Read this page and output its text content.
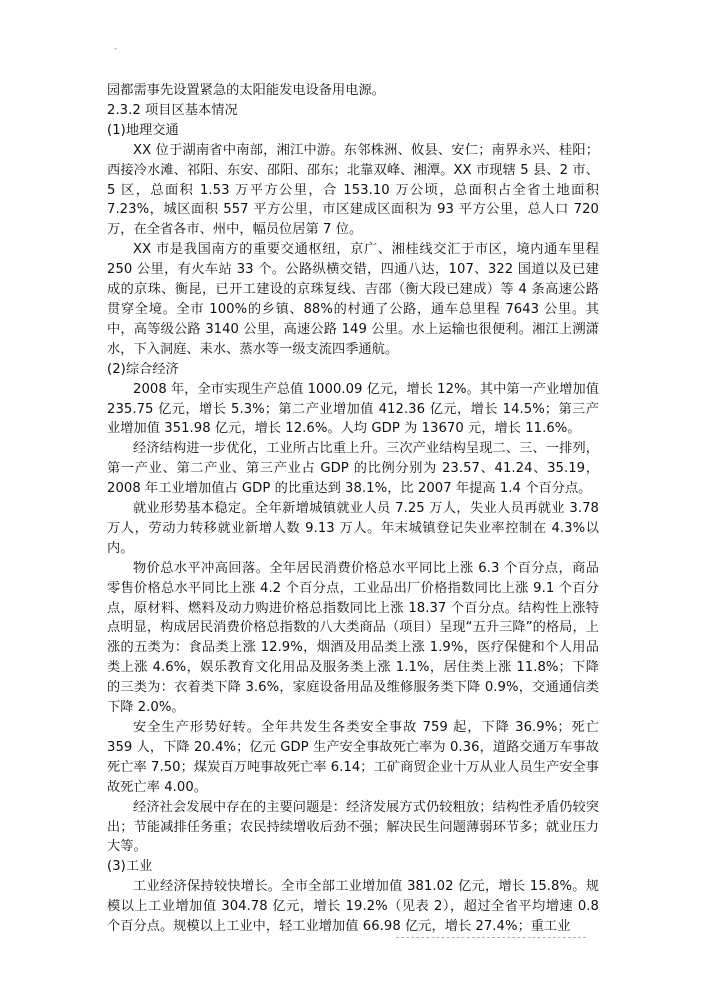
-

园都需事先设置紧急的太阳能发电设备用电源。

2.3.2 项目区基本情况

(1)地理交通

XX 位于湖南省中南部，湘江中游。东邻株洲、攸县、安仁；南界永兴、桂阳；西接冷水滩、祁阳、东安、邵阳、邵东；北靠双峰、湘潭。XX 市现辖 5 县、2 市、5 区，总面积 1.53 万平方公里，合 153.10 万公顷，总面积占全省土地面积 7.23%，城区面积 557 平方公里，市区建成区面积为 93 平方公里，总人口 720 万，在全省各市、州中，幅员位居第 7 位。

XX 市是我国南方的重要交通枢纽，京广、湘桂线交汇于市区，境内通车里程 250 公里，有火车站 33 个。公路纵横交错，四通八达，107、322 国道以及已建成的京珠、衡昆，已开工建设的京珠复线、吉邵（衡大段已建成）等 4 条高速公路贯穿全境。全市 100%的乡镇、88%的村通了公路，通车总里程 7643 公里。其中，高等级公路 3140 公里，高速公路 149 公里。水上运输也很便利。湘江上溯潇水，下入洞庭、耒水、蒸水等一级支流四季通航。

(2)综合经济

2008 年，全市实现生产总值 1000.09 亿元，增长 12%。其中第一产业增加值 235.75 亿元，增长 5.3%；第二产业增加值 412.36 亿元，增长 14.5%；第三产业增加值 351.98 亿元，增长 12.6%。人均 GDP 为 13670 元，增长 11.6%。

经济结构进一步优化，工业所占比重上升。三次产业结构呈现二、三、一排列，第一产业、第二产业、第三产业占 GDP 的比例分别为 23.57、41.24、35.19，2008 年工业增加值占 GDP 的比重达到 38.1%，比 2007 年提高 1.4 个百分点。

就业形势基本稳定。全年新增城镇就业人员 7.25 万人，失业人员再就业 3.78 万人，劳动力转移就业新增人数 9.13 万人。年末城镇登记失业率控制在 4.3%以内。

物价总水平冲高回落。全年居民消费价格总水平同比上涨 6.3 个百分点，商品零售价格总水平同比上涨 4.2 个百分点，工业品出厂价格指数同比上涨 9.1 个百分点，原材料、燃料及动力购进价格总指数同比上涨 18.37 个百分点。结构性上涨特点明显，构成居民消费价格总指数的八大类商品（项目）呈现“五升三降”的格局，上涨的五类为：食品类上涨 12.9%，烟酒及用品类上涨 1.9%，医疗保健和个人用品类上涨 4.6%，娱乐教育文化用品及服务类上涨 1.1%，居住类上涨 11.8%；下降的三类为：衣着类下降 3.6%，家庭设备用品及维修服务类下降 0.9%，交通通信类下降 2.0%。

安全生产形势好转。全年共发生各类安全事故 759 起，下降 36.9%；死亡 359 人，下降 20.4%；亿元 GDP 生产安全事故死亡率为 0.36，道路交通万车事故死亡率 7.50；煤炭百万吨事故死亡率 6.14；工矿商贸企业十万从业人员生产安全事故死亡率 4.00。

经济社会发展中存在的主要问题是：经济发展方式仍较粗放；结构性矛盾仍较突出；节能减排任务重；农民持续增收后劲不强；解决民生问题薄弱环节多；就业压力大等。

(3)工业

工业经济保持较快增长。全市全部工业增加值 381.02 亿元，增长 15.8%。规模以上工业增加值 304.78 亿元，增长 19.2%（见表 2），超过全省平均增速 0.8 个百分点。规模以上工业中，轻工业增加值 66.98 亿元，增长 27.4%；重工业
